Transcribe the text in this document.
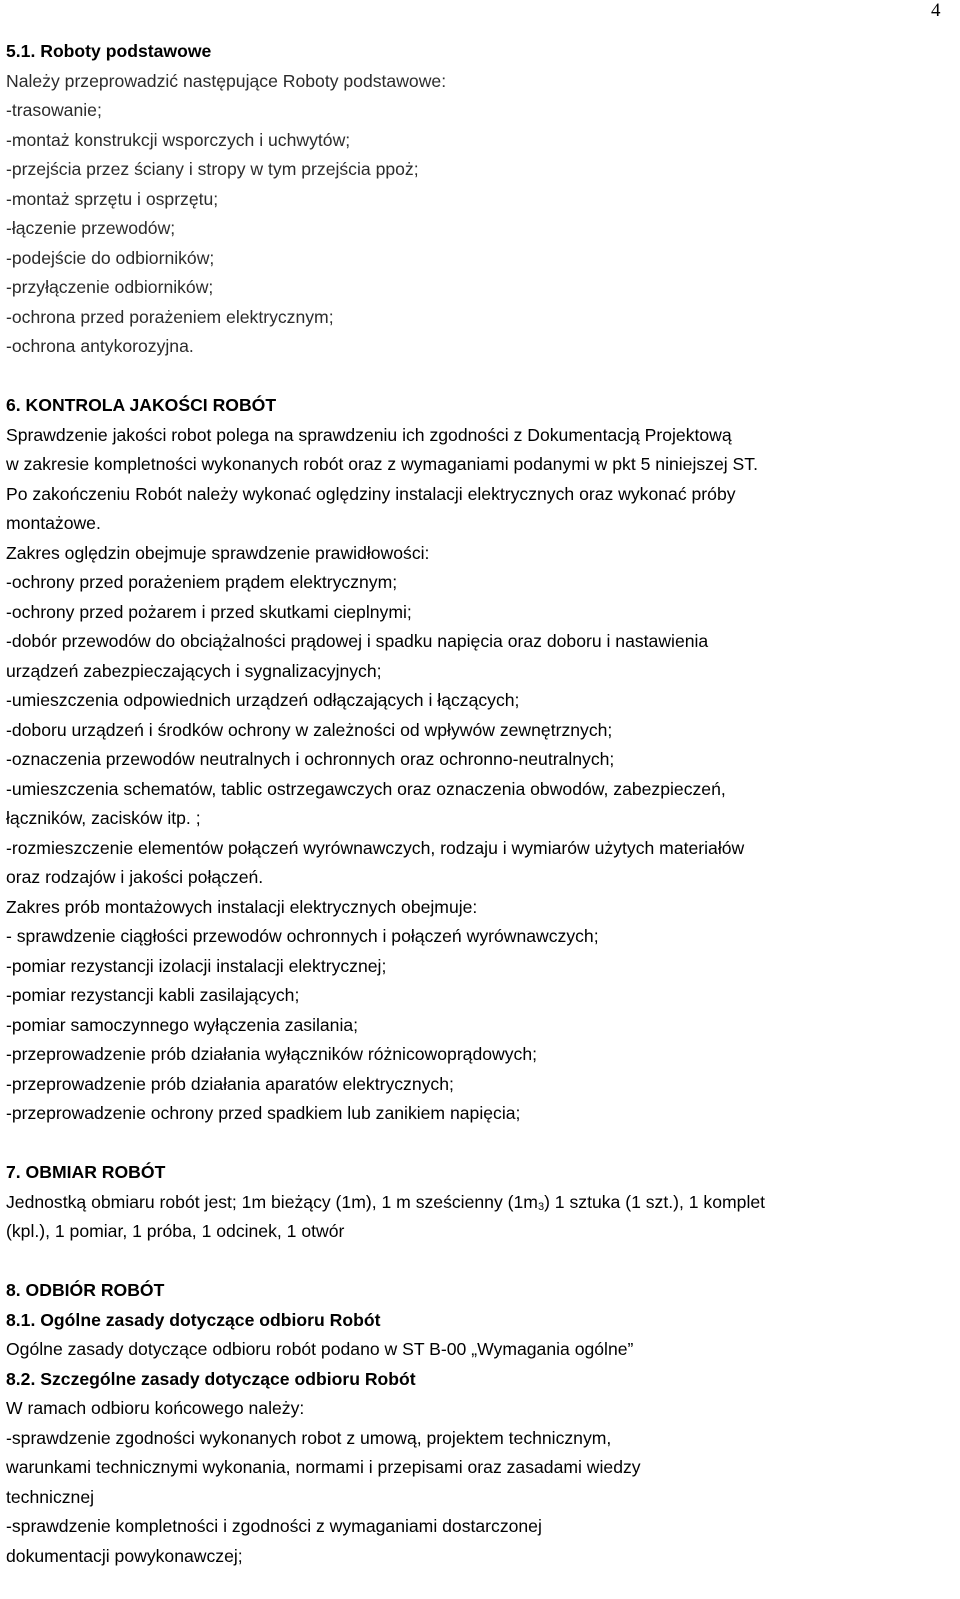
4
5.1. Roboty podstawowe
Należy przeprowadzić następujące Roboty podstawowe:
-trasowanie;
-montaż konstrukcji wsporczych i uchwytów;
-przejścia przez ściany i stropy w tym przejścia ppoż;
-montaż sprzętu i osprzętu;
-łączenie przewodów;
-podejście do odbiorników;
-przyłączenie odbiorników;
-ochrona przed porażeniem elektrycznym;
-ochrona antykorozyjna.
6. KONTROLA JAKOŚCI ROBÓT
Sprawdzenie jakości robot polega na sprawdzeniu ich zgodności z Dokumentacją Projektową
w zakresie kompletności wykonanych robót oraz z wymaganiami podanymi w pkt 5 niniejszej ST.
Po zakończeniu Robót należy wykonać oględziny instalacji elektrycznych oraz wykonać próby
montażowe.
Zakres oględzin obejmuje sprawdzenie prawidłowości:
-ochrony przed porażeniem prądem elektrycznym;
-ochrony przed pożarem i przed skutkami cieplnymi;
-dobór przewodów do obciążalności prądowej i spadku napięcia oraz doboru i nastawienia
urządzeń zabezpieczających i sygnalizacyjnych;
-umieszczenia odpowiednich urządzeń odłączających i łączących;
-doboru urządzeń i środków ochrony w zależności od wpływów zewnętrznych;
-oznaczenia przewodów neutralnych i ochronnych oraz ochronno-neutralnych;
-umieszczenia schematów, tablic ostrzegawczych oraz oznaczenia obwodów, zabezpieczeń,
łączników, zacisków itp. ;
-rozmieszczenie elementów połączeń wyrównawczych, rodzaju i wymiarów użytych materiałów
oraz rodzajów i jakości połączeń.
Zakres prób montażowych instalacji elektrycznych obejmuje:
- sprawdzenie ciągłości przewodów ochronnych i połączeń wyrównawczych;
-pomiar rezystancji izolacji instalacji elektrycznej;
-pomiar rezystancji kabli zasilających;
-pomiar samoczynnego wyłączenia zasilania;
-przeprowadzenie prób działania wyłączników różnicowoprądowych;
-przeprowadzenie prób działania aparatów elektrycznych;
-przeprowadzenie ochrony przed spadkiem lub zanikiem napięcia;
7. OBMIAR ROBÓT
Jednostką obmiaru robót jest; 1m bieżący (1m), 1 m sześcienny $(1m_3)$ 1 sztuka (1 szt.), 1 komplet
(kpl.), 1 pomiar, 1 próba, 1 odcinek, 1 otwór
8. ODBIÓR ROBÓT
8.1. Ogólne zasady dotyczące odbioru Robót
Ogólne zasady dotyczące odbioru robót podano w ST B-00 „Wymagania ogólne”
8.2. Szczególne zasady dotyczące odbioru Robót
W ramach odbioru końcowego należy:
-sprawdzenie zgodności wykonanych robot z umową, projektem technicznym,
warunkami technicznymi wykonania, normami i przepisami oraz zasadami wiedzy
technicznej
-sprawdzenie kompletności i zgodności z wymaganiami dostarczonej
dokumentacji powykonawczej;
